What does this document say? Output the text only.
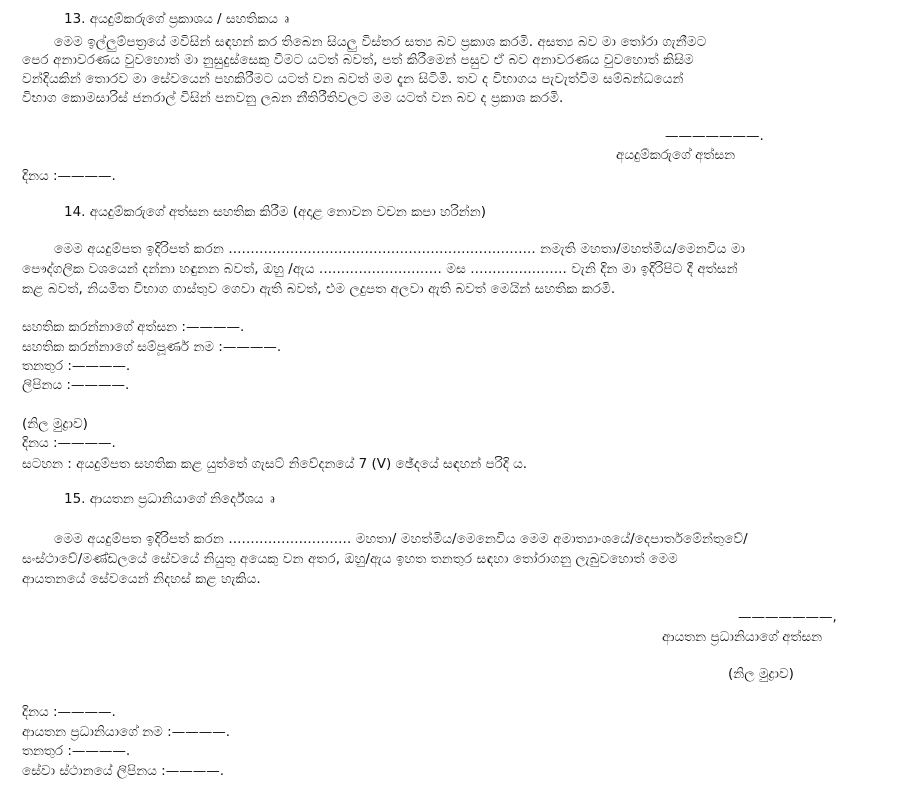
13. අයදුම්කරුගේ ප්‍රකාශය / සහතිකය ෘ
මෙම ඉල්ලුම්පත්‍රයේ මවිසින් සඳහන් කර තිබෙන සියලු විස්තර සත්‍ය බව ප්‍රකාශ කරමි. අසත්‍ය බව මා තෝරා ගැනීමට
පෙර අනාවරණය වුවහොත් මා නුසුදුස්සෙකු වීමට යටත් බවත්, පත් කිරීමෙන් පසුව ඒ බව අනාවරණය වුවහොත් කිසිම
වන්දියකින් තොරව මා සේවයෙන් පහකිරීමට යටත් වන බවත් මම දැන සිටිමි. තව ද විභාගය පැවැත්වීම සම්බන්ධයෙන්
විභාග කොමසාරිස් ජනරාල් විසින් පනවනු ලබන නීතිරීතිවලට මම යටත් වන බව ද ප්‍රකාශ කරමි.
———————.
අයදුම්කරුගේ අත්සන
දිනය :————.
14. අයදුම්කරුගේ අත්සන සහතික කිරීම (අදාළ නොවන වචන කපා හරින්න)
මෙම අයදුම්පත ඉදිරිපත් කරන ...................................................................... නමැති මහතා/මහත්මිය/මෙනවිය මා
පෞද්ගලික වශයෙන් දන්නා හඳුනන බවත්, ඔහු /ඇය ............................ මස ...................... වැනි දින මා ඉදිරිපිට දී අත්සන්
කළ බවත්, නියමිත විභාග ගාස්තුව ගෙවා ඇති බවත්, එම ලදුපත අලවා ඇති බවත් මෙයින් සහතික කරමි.
සහතික කරන්නාගේ අත්සන :————.
සහතික කරන්නාගේ සම්පූර්ණ නම :————.
තනතුර :————.
ලිපිනය :————.
(නිල මුද්‍රාව)
දිනය :————.
සටහන : අයදුම්පත සහතික කළ යුත්තේ ගැසට් නිවේදනයේ 7 (V) ඡේදයේ සඳහන් පරිදි ය.
15. ආයතන ප්‍රධානියාගේ නිර්දේශය ෘ
මෙම අයදුම්පත ඉදිරිපත් කරන ............................ මහතා/ මහත්මිය/මෙනෙවිය මෙම අමාත්‍යාංශයේ/දෙපාර්තමේන්තුවේ/
සංස්ථාවේ/මණ්ඩලයේ සේවයේ නියුතු අයෙකු වන අතර, ඔහු/ඇය ඉහත තනතුර සඳහා තෝරාගනු ලැබුවහොත් මෙම
ආයතනයේ සේවයෙන් නිදහස් කළ හැකිය.
———————,
ආයතන ප්‍රධානියාගේ අත්සන
(නිල මුද්‍රාව)
දිනය :————.
ආයතන ප්‍රධානියාගේ නම :————.
තනතුර :————.
සේවා ස්ථානයේ ලිපිනය :————.
